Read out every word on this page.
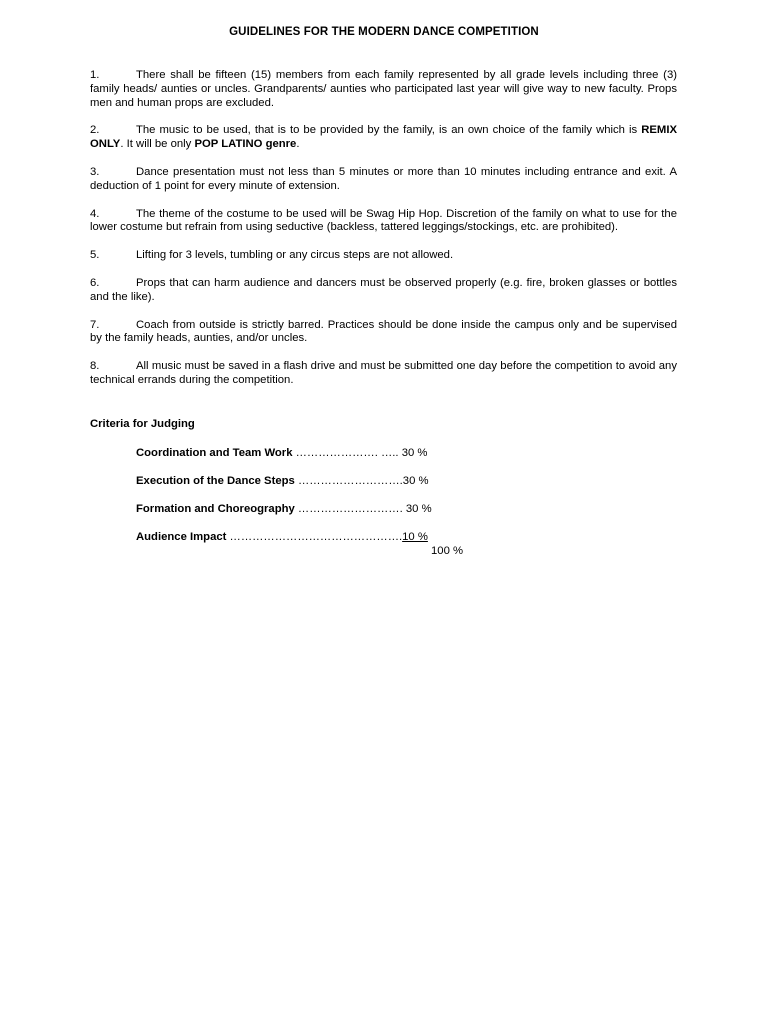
GUIDELINES FOR THE MODERN DANCE COMPETITION
1.	There shall be fifteen (15) members from each family represented by all grade levels including three (3) family heads/ aunties or uncles. Grandparents/ aunties who participated last year will give way to new faculty. Props men and human props are excluded.
2.	The music to be used, that is to be provided by the family, is an own choice of the family which is REMIX ONLY. It will be only POP LATINO genre.
3.	Dance presentation must not less than 5 minutes or more than 10 minutes including entrance and exit. A deduction of 1 point for every minute of extension.
4.	The theme of the costume to be used will be Swag Hip Hop. Discretion of the family on what to use for the lower costume but refrain from using seductive (backless, tattered leggings/stockings, etc. are prohibited).
5.	Lifting for 3 levels, tumbling or any circus steps are not allowed.
6.	Props that can harm audience and dancers must be observed properly (e.g. fire, broken glasses or bottles and the like).
7.	Coach from outside is strictly barred. Practices should be done inside the campus only and be supervised by the family heads, aunties, and/or uncles.
8.	All music must be saved in a flash drive and must be submitted one day before the competition to avoid any technical errands during the competition.
Criteria for Judging
Coordination and Team Work …………………. ….. 30 %
Execution of the Dance Steps ……………………….30 %
Formation and Choreography ………………………. 30 %
Audience Impact ……………………………………….10 %
100 %
